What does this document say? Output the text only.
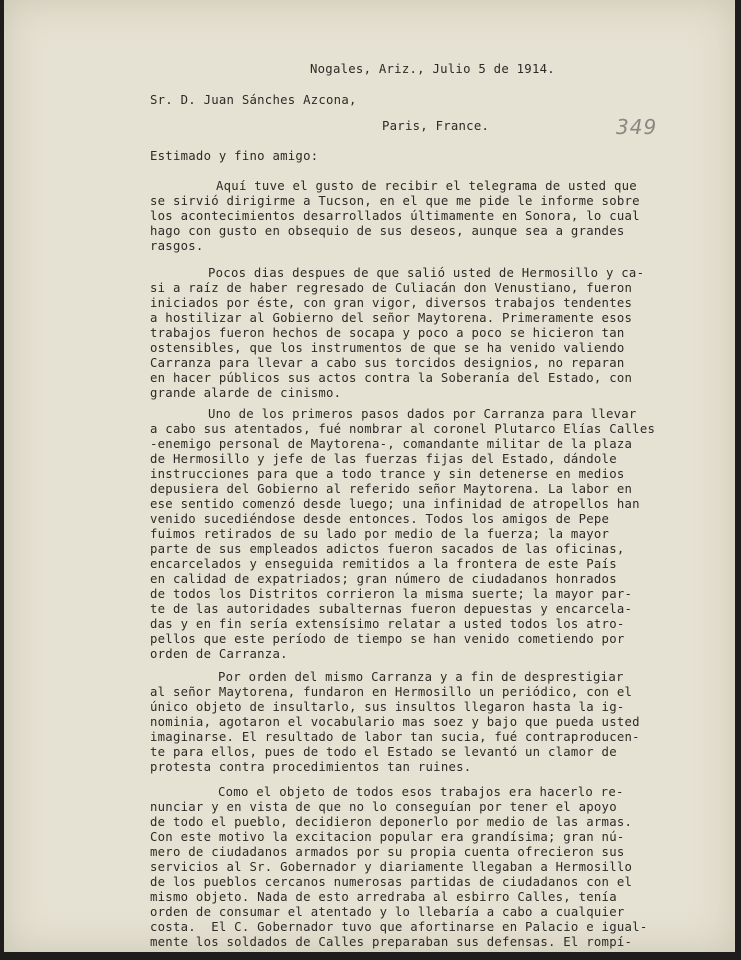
Nogales, Ariz., Julio 5 de 1914.

Sr. D. Juan Sánches Azcona,

Paris, France.	349

Estimado y fino amigo:

Aquí tuve el gusto de recibir el telegrama de usted que

se sirvió dirigirme a Tucson, en el que me pide le informe sobre

los acontecimientos desarrollados últimamente en Sonora, lo cual

hago con gusto en obsequio de sus deseos, aunque sea a grandes

rasgos.

Pocos dias despues de que salió usted de Hermosillo y ca-

si a raíz de haber regresado de Culiacán don Venustiano, fueron

iniciados por éste, con gran vigor, diversos trabajos tendentes

a hostilizar al Gobierno del señor Maytorena. Primeramente esos

trabajos fueron hechos de socapa y poco a poco se hicieron tan

ostensibles, que los instrumentos de que se ha venido valiendo

Carranza para llevar a cabo sus torcidos designios, no reparan

en hacer públicos sus actos contra la Soberanía del Estado, con

grande alarde de cinismo.

Uno de los primeros pasos dados por Carranza para llevar

a cabo sus atentados, fué nombrar al coronel Plutarco Elías Calles

-enemigo personal de Maytorena-, comandante militar de la plaza

de Hermosillo y jefe de las fuerzas fijas del Estado, dándole

instrucciones para que a todo trance y sin detenerse en medios

depusiera del Gobierno al referido señor Maytorena. La labor en

ese sentido comenzó desde luego; una infinidad de atropellos han

venido sucediéndose desde entonces. Todos los amigos de Pepe

fuimos retirados de su lado por medio de la fuerza; la mayor

parte de sus empleados adictos fueron sacados de las oficinas,

encarcelados y enseguida remitidos a la frontera de este País

en calidad de expatriados; gran número de ciudadanos honrados

de todos los Distritos corrieron la misma suerte; la mayor par-

te de las autoridades subalternas fueron depuestas y encarcela-

das y en fin sería extensísimo relatar a usted todos los atro-

pellos que este período de tiempo se han venido cometiendo por

orden de Carranza.

Por orden del mismo Carranza y a fin de desprestigiar

al señor Maytorena, fundaron en Hermosillo un periódico, con el

único objeto de insultarlo, sus insultos llegaron hasta la ig-

nominia, agotaron el vocabulario mas soez y bajo que pueda usted

imaginarse. El resultado de labor tan sucia, fué contraproducen-

te para ellos, pues de todo el Estado se levantó un clamor de

protesta contra procedimientos tan ruines.

Como el objeto de todos esos trabajos era hacerlo re-

nunciar y en vista de que no lo conseguían por tener el apoyo

de todo el pueblo, decidieron deponerlo por medio de las armas.

Con este motivo la excitacion popular era grandísima; gran nú-

mero de ciudadanos armados por su propia cuenta ofrecieron sus

servicios al Sr. Gobernador y diariamente llegaban a Hermosillo

de los pueblos cercanos numerosas partidas de ciudadanos con el

mismo objeto. Nada de esto arredraba al esbirro Calles, tenía

orden de consumar el atentado y lo llebaría a cabo a cualquier

costa.  El C. Gobernador tuvo que afortinarse en Palacio e igual-

mente los soldados de Calles preparaban sus defensas. El rompí-
